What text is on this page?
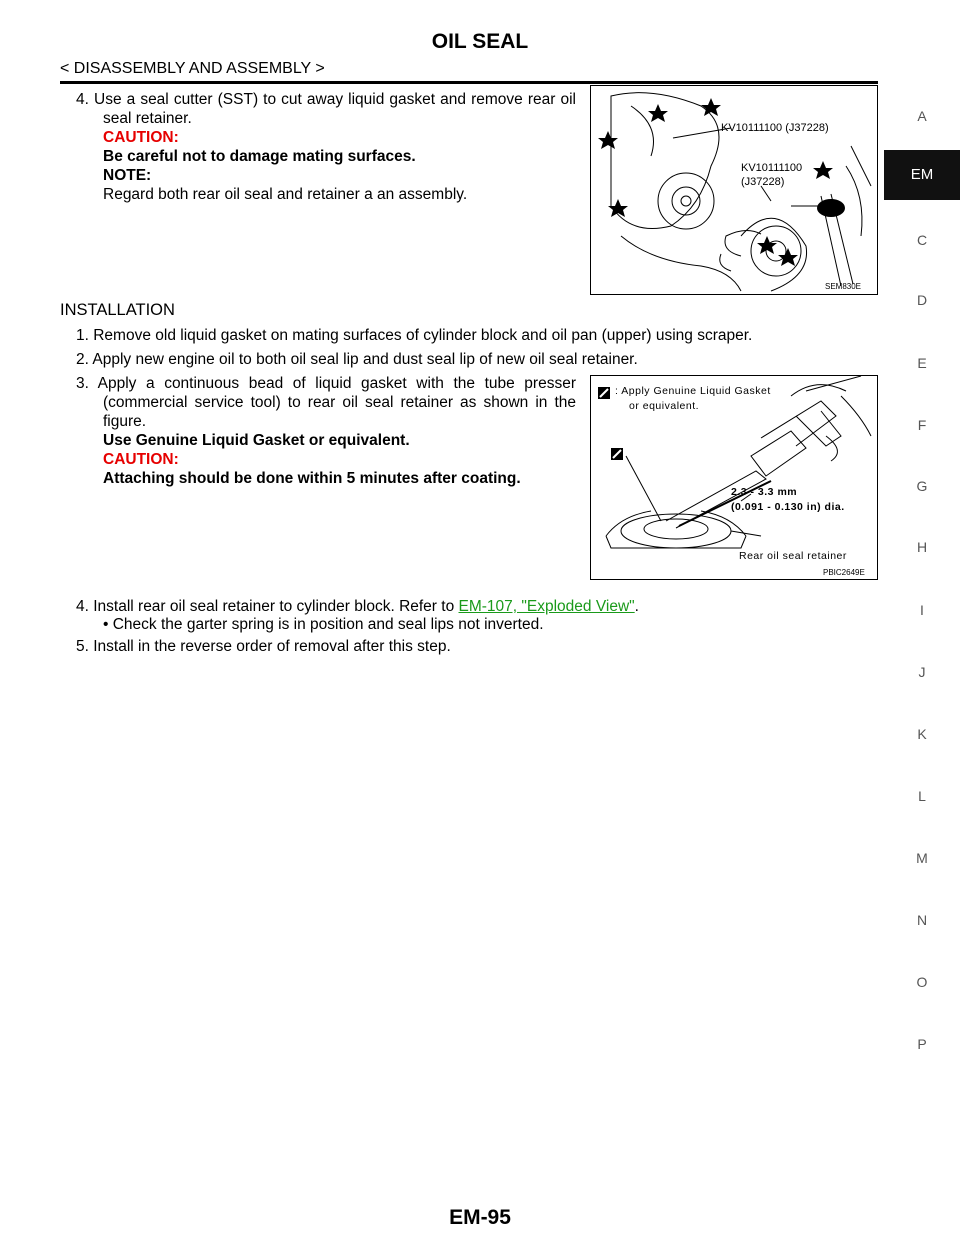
OIL SEAL
< DISASSEMBLY AND ASSEMBLY >
A
EM
C
D
E
F
G
H
I
J
K
L
M
N
O
P
4. Use a seal cutter (SST) to cut away liquid gasket and remove rear oil seal retainer.
CAUTION:
Be careful not to damage mating surfaces.
NOTE:
Regard both rear oil seal and retainer a an assembly.
KV10111100 (J37228)
KV10111100
(J37228)
SEM830E
INSTALLATION
1. Remove old liquid gasket on mating surfaces of cylinder block and oil pan (upper) using scraper.
2. Apply new engine oil to both oil seal lip and dust seal lip of new oil seal retainer.
3. Apply a continuous bead of liquid gasket with the tube presser (commercial service tool) to rear oil seal retainer as shown in the figure.
Use Genuine Liquid Gasket or equivalent.
CAUTION:
Attaching should be done within 5 minutes after coating.
: Apply Genuine Liquid Gasket
or equivalent.
2.3 - 3.3 mm
(0.091 - 0.130 in) dia.
Rear oil seal retainer
PBIC2649E
4. Install rear oil seal retainer to cylinder block. Refer to EM-107, "Exploded View".
• Check the garter spring is in position and seal lips not inverted.
5. Install in the reverse order of removal after this step.
EM-95
